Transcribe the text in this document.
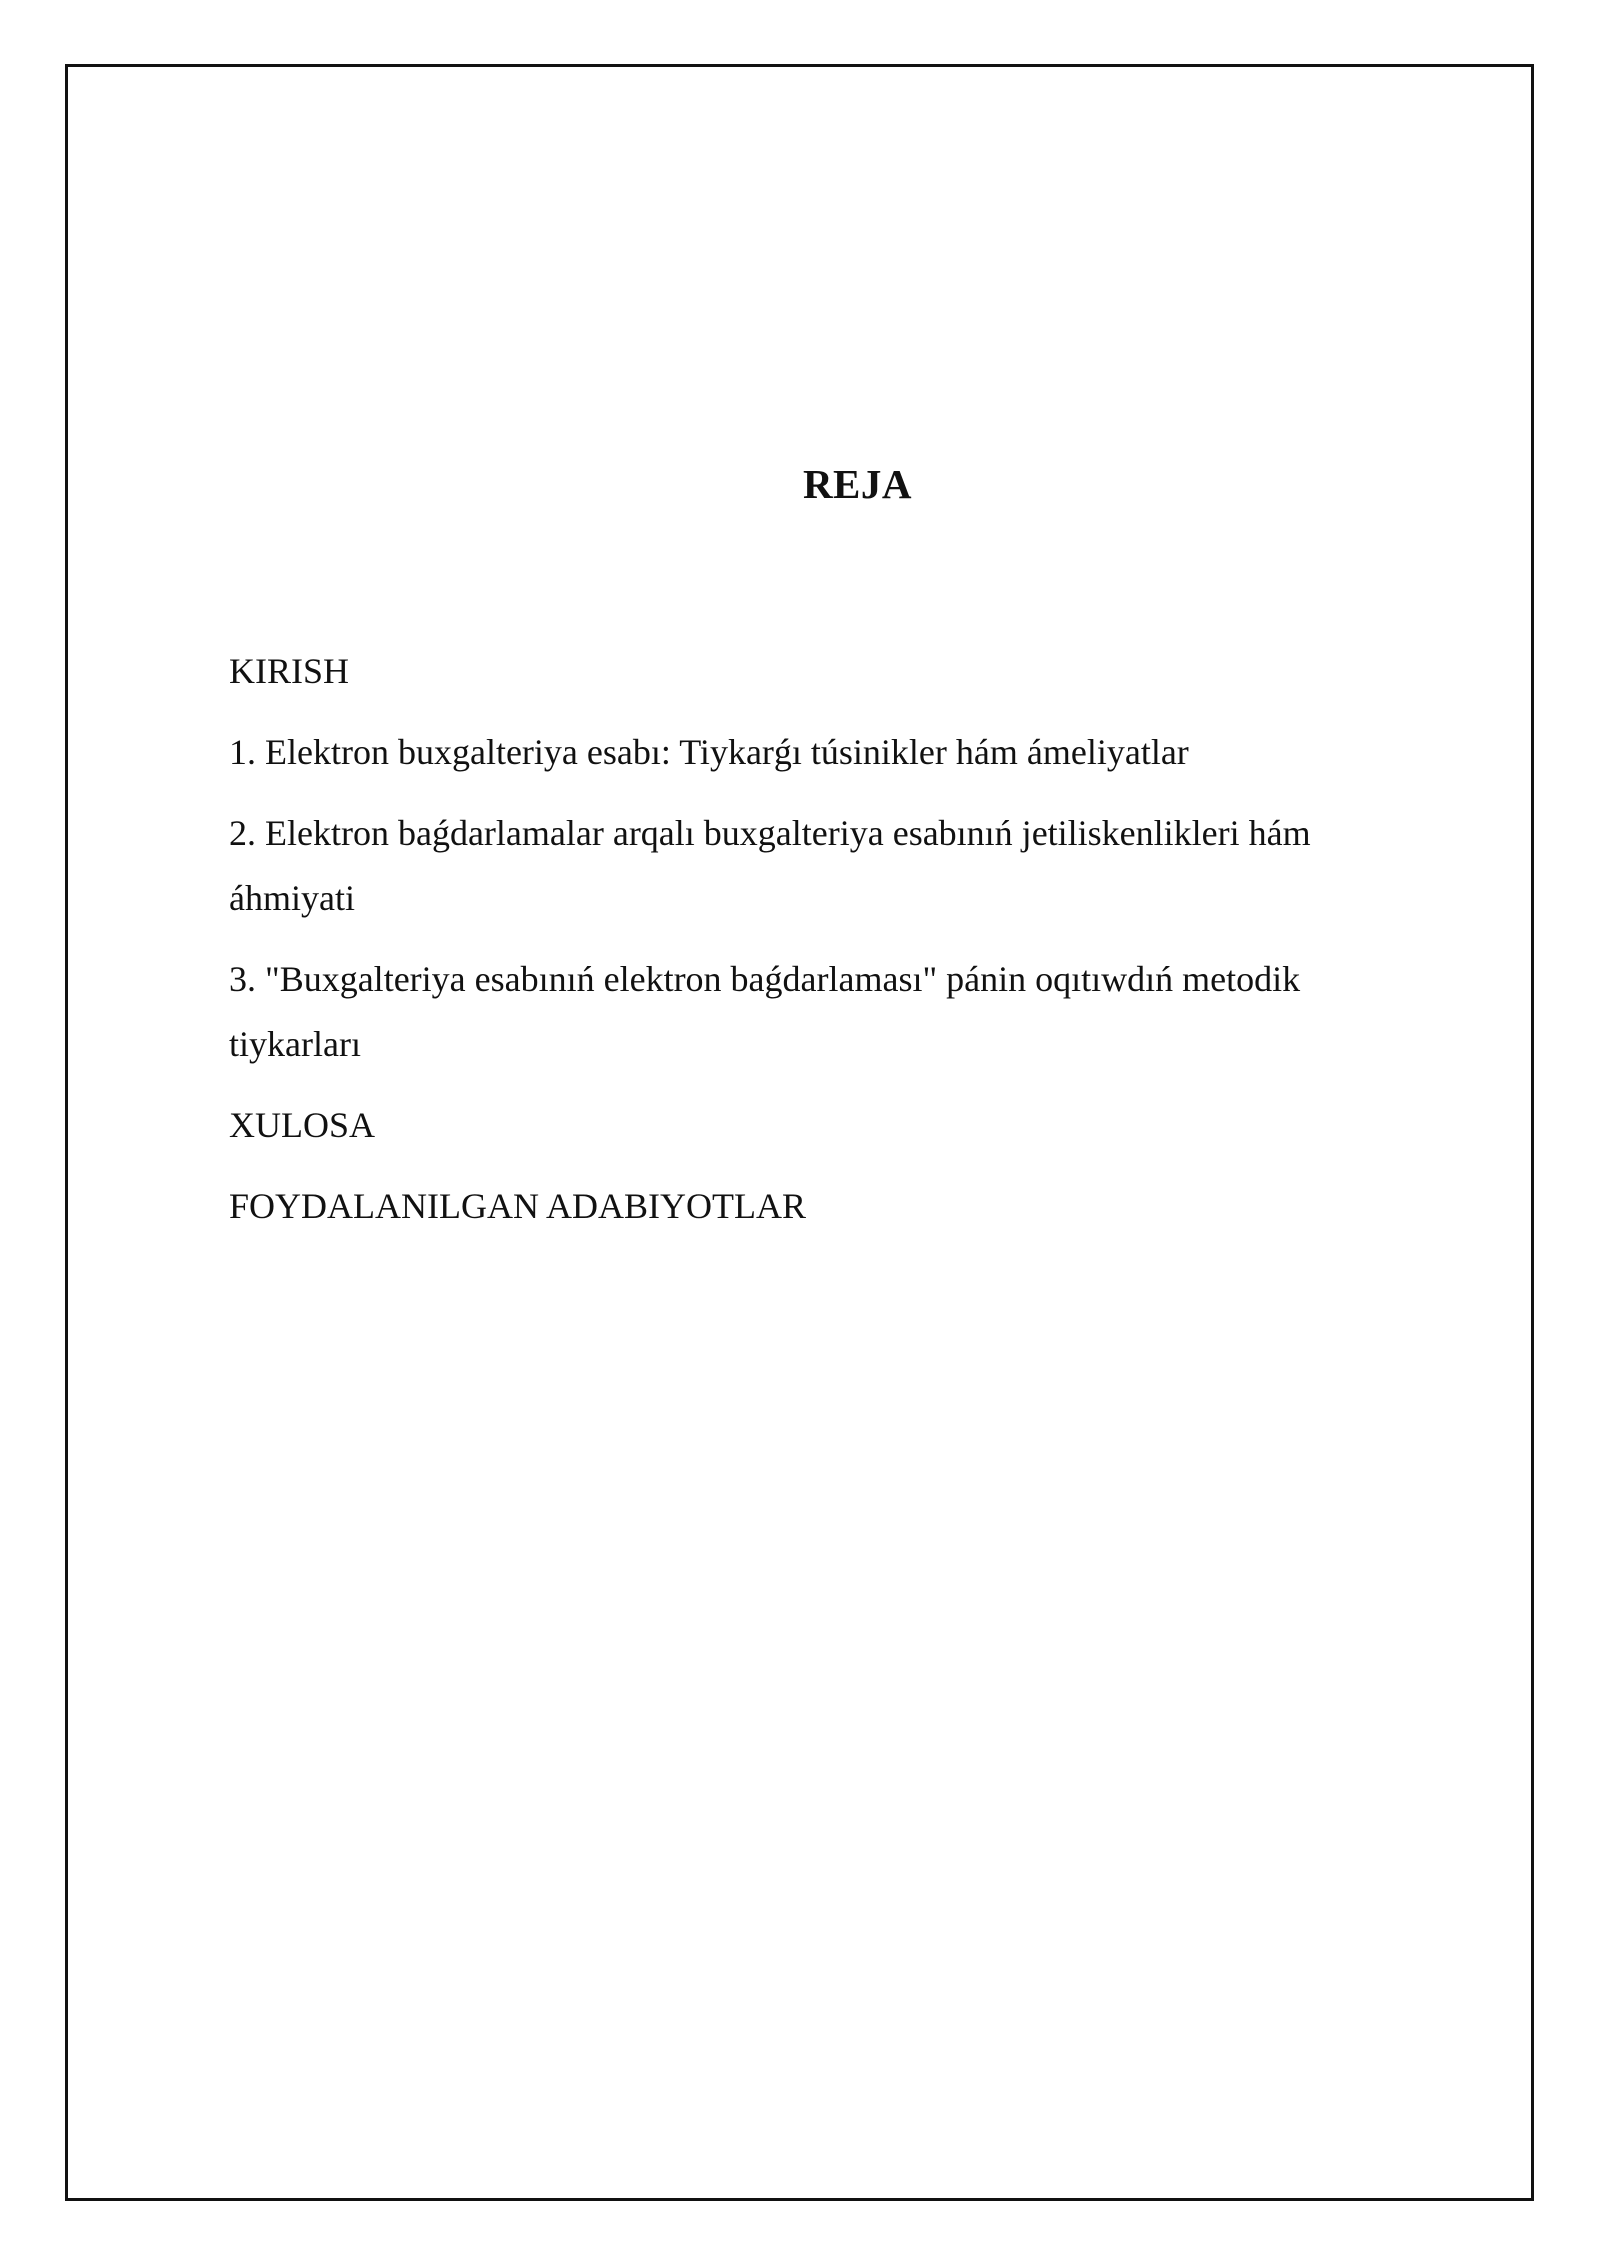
REJA

KIRISH

1. Elektron buxgalteriya esabı: Tiykarǵı túsinikler hám ámeliyatlar

2. Elektron baǵdarlamalar arqalı buxgalteriya esabınıń jetiliskenlikleri hám áhmiyati

3. "Buxgalteriya esabınıń elektron baǵdarlaması" pánin oqıtıwdıń metodik tiykarları

XULOSA

FOYDALANILGAN ADABIYOTLAR
